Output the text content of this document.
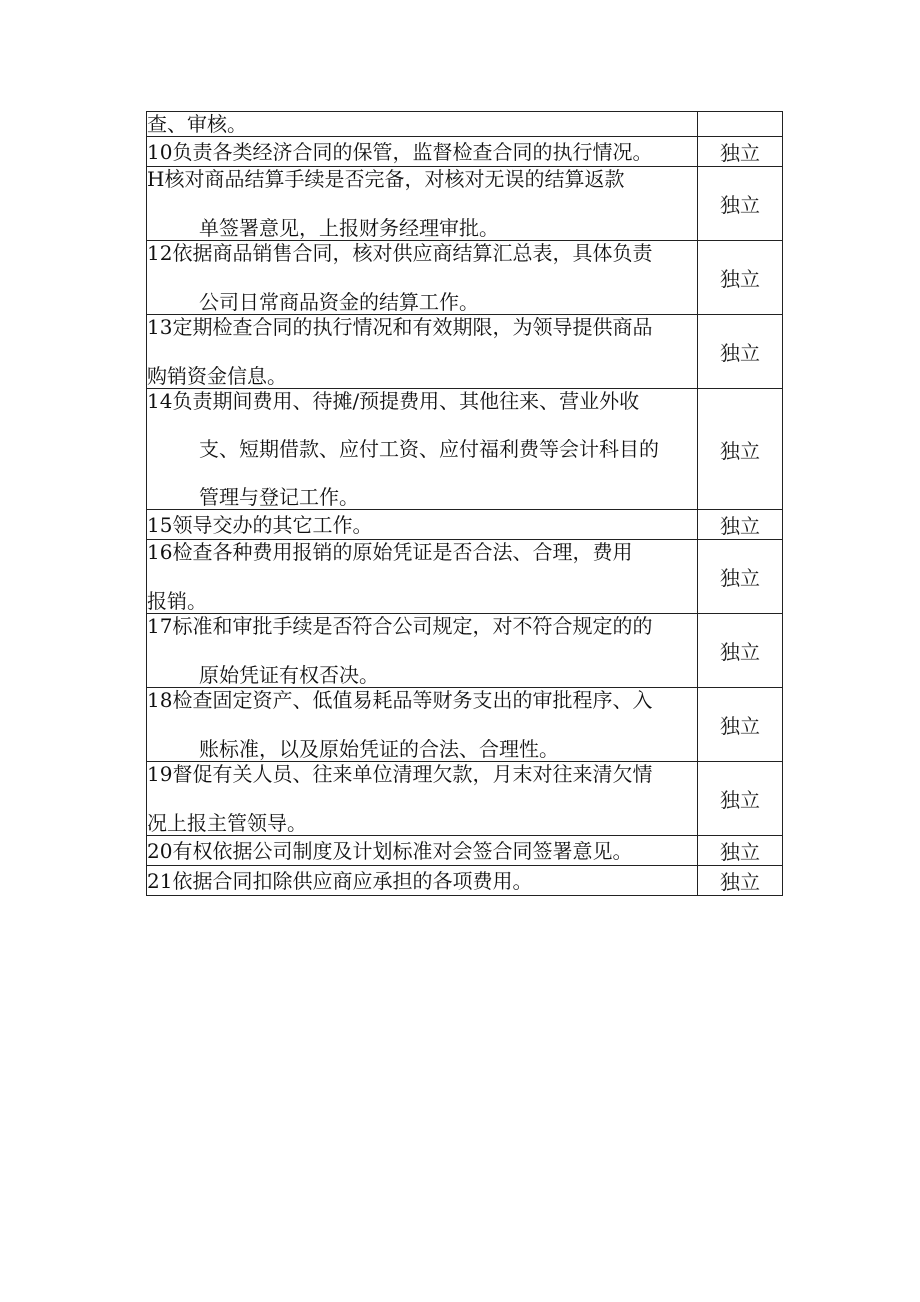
查、审核。	

10负责各类经济合同的保管，监督检查合同的执行情况。	独立

H核对商品结算手续是否完备，对核对无误的结算返款
单签署意见，上报财务经理审批。	独立

12依据商品销售合同，核对供应商结算汇总表，具体负责
公司日常商品资金的结算工作。	独立

13定期检查合同的执行情况和有效期限，为领导提供商品
购销资金信息。	独立

14负责期间费用、待摊/预提费用、其他往来、营业外收
支、短期借款、应付工资、应付福利费等会计科目的
管理与登记工作。	独立

15领导交办的其它工作。	独立

16检查各种费用报销的原始凭证是否合法、合理，费用
报销。	独立

17标准和审批手续是否符合公司规定，对不符合规定的的
原始凭证有权否决。	独立

18检查固定资产、低值易耗品等财务支出的审批程序、入
账标准，以及原始凭证的合法、合理性。	独立

19督促有关人员、往来单位清理欠款，月末对往来清欠情
况上报主管领导。	独立

20有权依据公司制度及计划标准对会签合同签署意见。	独立

21依据合同扣除供应商应承担的各项费用。	独立
